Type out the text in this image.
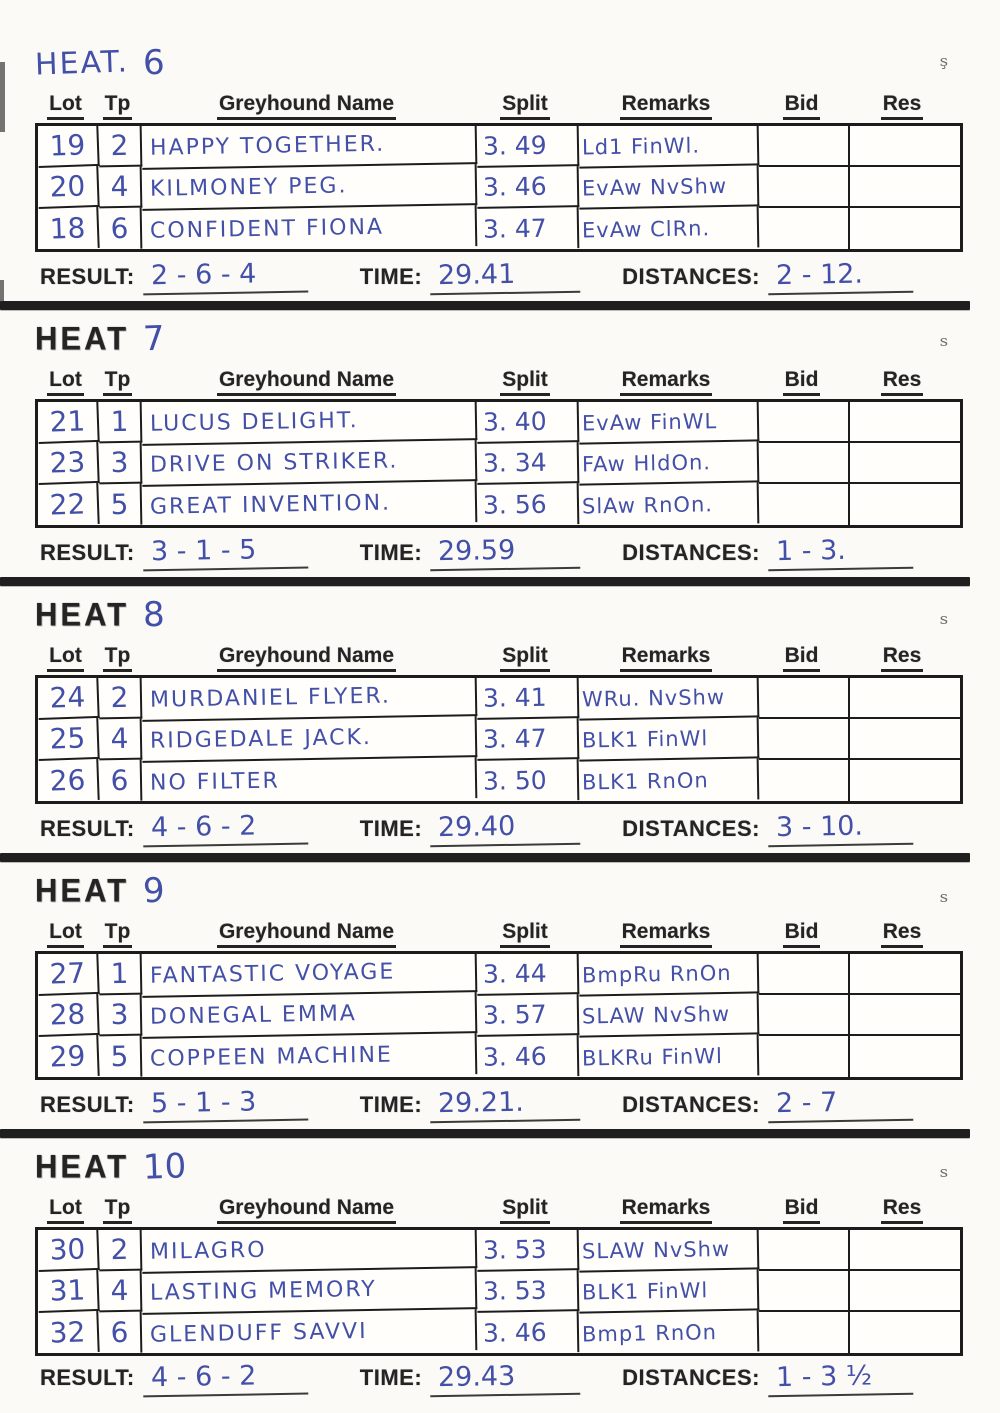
ş
s
s
s
s
HEAT. 6
Lot Tp	Greyhound Name	Split	Remarks	Bid	Res
19 2 HAPPY TOGETHER.	3. 49	Ld1 FinWl.
20 4 KILMONEY PEG.	3. 46	EvAw NvShw
18 6 CONFIDENT FIONA	3. 47	EvAw ClRn.
RESULT: 2 - 6 - 4	TIME: 29.41	DISTANCES: 2 - 12.
HEAT 7
Lot Tp	Greyhound Name	Split	Remarks	Bid	Res
21 1 LUCUS DELIGHT.	3. 40	EvAw FinWL
23 3 DRIVE ON STRIKER.	3. 34	FAw HldOn.
22 5 GREAT INVENTION.	3. 56	SlAw RnOn.
RESULT: 3 - 1 - 5	TIME: 29.59	DISTANCES: 1 - 3.
HEAT 8
Lot Tp	Greyhound Name	Split	Remarks	Bid	Res
24 2 MURDANIEL FLYER.	3. 41	WRu. NvShw
25 4 RIDGEDALE JACK.	3. 47	BLK1 FinWl
26 6 NO FILTER	3. 50	BLK1 RnOn
RESULT: 4 - 6 - 2	TIME: 29.40	DISTANCES: 3 - 10.
HEAT 9
Lot Tp	Greyhound Name	Split	Remarks	Bid	Res
27 1 FANTASTIC VOYAGE	3. 44	BmpRu RnOn
28 3 DONEGAL EMMA	3. 57	SLAW NvShw
29 5 COPPEEN MACHINE	3. 46	BLKRu FinWl
RESULT: 5 - 1 - 3	TIME: 29.21.	DISTANCES: 2 - 7
HEAT 10
Lot Tp	Greyhound Name	Split	Remarks	Bid	Res
30 2 MILAGRO	3. 53	SLAW NvShw
31 4 LASTING MEMORY	3. 53	BLK1 FinWl
32 6 GLENDUFF SAVVI	3. 46	Bmp1 RnOn
RESULT: 4 - 6 - 2	TIME: 29.43	DISTANCES: 1 - 3 ½
